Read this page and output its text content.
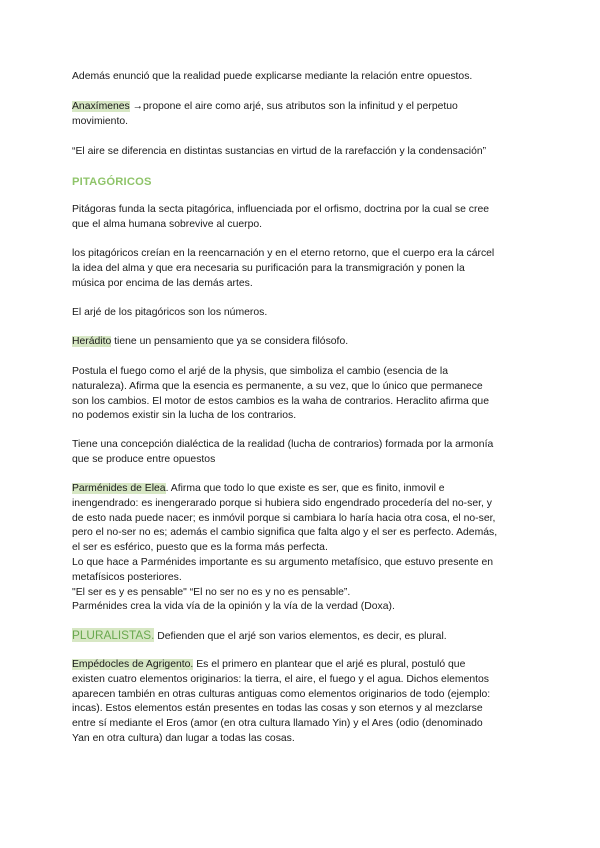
Además enunció que la realidad puede explicarse mediante la relación entre opuestos.

Anaxímenes →propone el aire como arjé, sus atributos son la infinitud y el perpetuo
movimiento.

“El aire se diferencia en distintas sustancias en virtud de la rarefacción y la condensación”

PITAGÓRICOS

Pitágoras funda la secta pitagórica, influenciada por el orfismo, doctrina por la cual se cree
que el alma humana sobrevive al cuerpo.

los pitagóricos creían en la reencarnación y en el eterno retorno, que el cuerpo era la cárcel
la idea del alma y que era necesaria su purificación para la transmigración y ponen la
música por encima de las demás artes.

El arjé de los pitagóricos son los números.

Herádito tiene un pensamiento que ya se considera filósofo.

Postula el fuego como el arjé de la physis, que simboliza el cambio (esencia de la
naturaleza). Afirma que la esencia es permanente, a su vez, que lo único que permanece
son los cambios. El motor de estos cambios es la waha de contrarios. Heraclito afirma que
no podemos existir sin la lucha de los contrarios.

Tiene una concepción dialéctica de la realidad (lucha de contrarios) formada por la armonía
que se produce entre opuestos

Parménides de Elea. Afirma que todo lo que existe es ser, que es finito, inmovil e
inengendrado: es inengerarado porque si hubiera sido engendrado procedería del no-ser, y
de esto nada puede nacer; es inmóvil porque si cambiara lo haría hacia otra cosa, el no-ser,
pero el no-ser no es; además el cambio significa que falta algo y el ser es perfecto. Además,
el ser es esférico, puesto que es la forma más perfecta.
Lo que hace a Parménides importante es su argumento metafísico, que estuvo presente en
metafísicos posteriores.
"El ser es y es pensable" “El no ser no es y no es pensable”.
Parménides crea la vida vía de la opinión y la vía de la verdad (Doxa).

PLURALISTAS. Defienden que el arjé son varios elementos, es decir, es plural.

Empédocles de Agrigento. Es el primero en plantear que el arjé es plural, postuló que
existen cuatro elementos originarios: la tierra, el aire, el fuego y el agua. Dichos elementos
aparecen también en otras culturas antiguas como elementos originarios de todo (ejemplo:
incas). Estos elementos están presentes en todas las cosas y son eternos y al mezclarse
entre sí mediante el Eros (amor (en otra cultura llamado Yin) y el Ares (odio (denominado
Yan en otra cultura) dan lugar a todas las cosas.
